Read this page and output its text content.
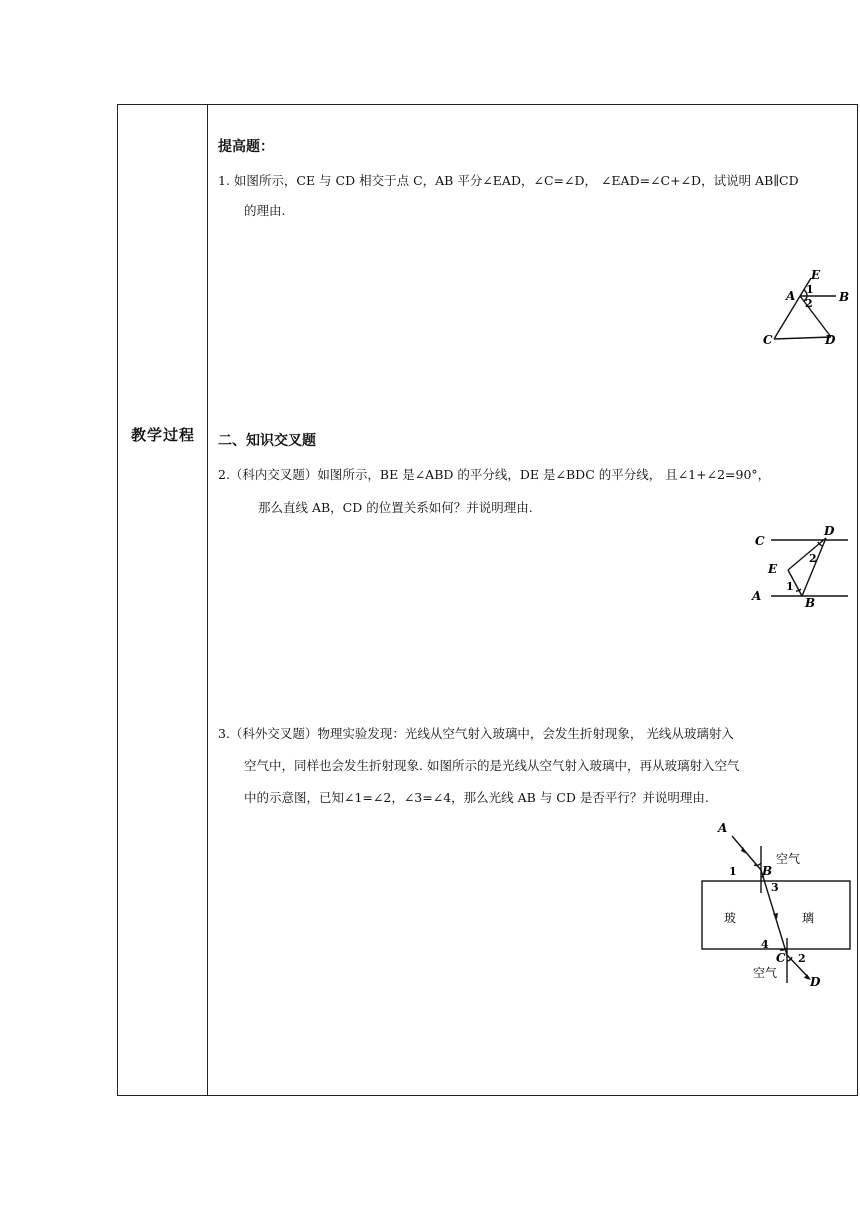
教学过程
提高题：
1. 如图所示，CE 与 CD 相交于点 C，AB 平分∠EAD，∠C=∠D， ∠EAD=∠C+∠D，试说明 AB∥CD
的理由.
二、知识交叉题
2.（科内交叉题）如图所示，BE 是∠ABD 的平分线，DE 是∠BDC 的平分线， 且∠1+∠2=90°，
那么直线 AB，CD 的位置关系如何？并说明理由.
3.（科外交叉题）物理实验发现：光线从空气射入玻璃中，会发生折射现象， 光线从玻璃射入
空气中，同样也会发生折射现象. 如图所示的是光线从空气射入玻璃中，再从玻璃射入空气
中的示意图，已知∠1=∠2，∠3=∠4，那么光线 AB 与 CD 是否平行？并说明理由.
E
A	B
C	D
1
2
C
D
E
A	B
1
2
A
B
C
D
1
2
3
4
空气
空气
玻	璃
